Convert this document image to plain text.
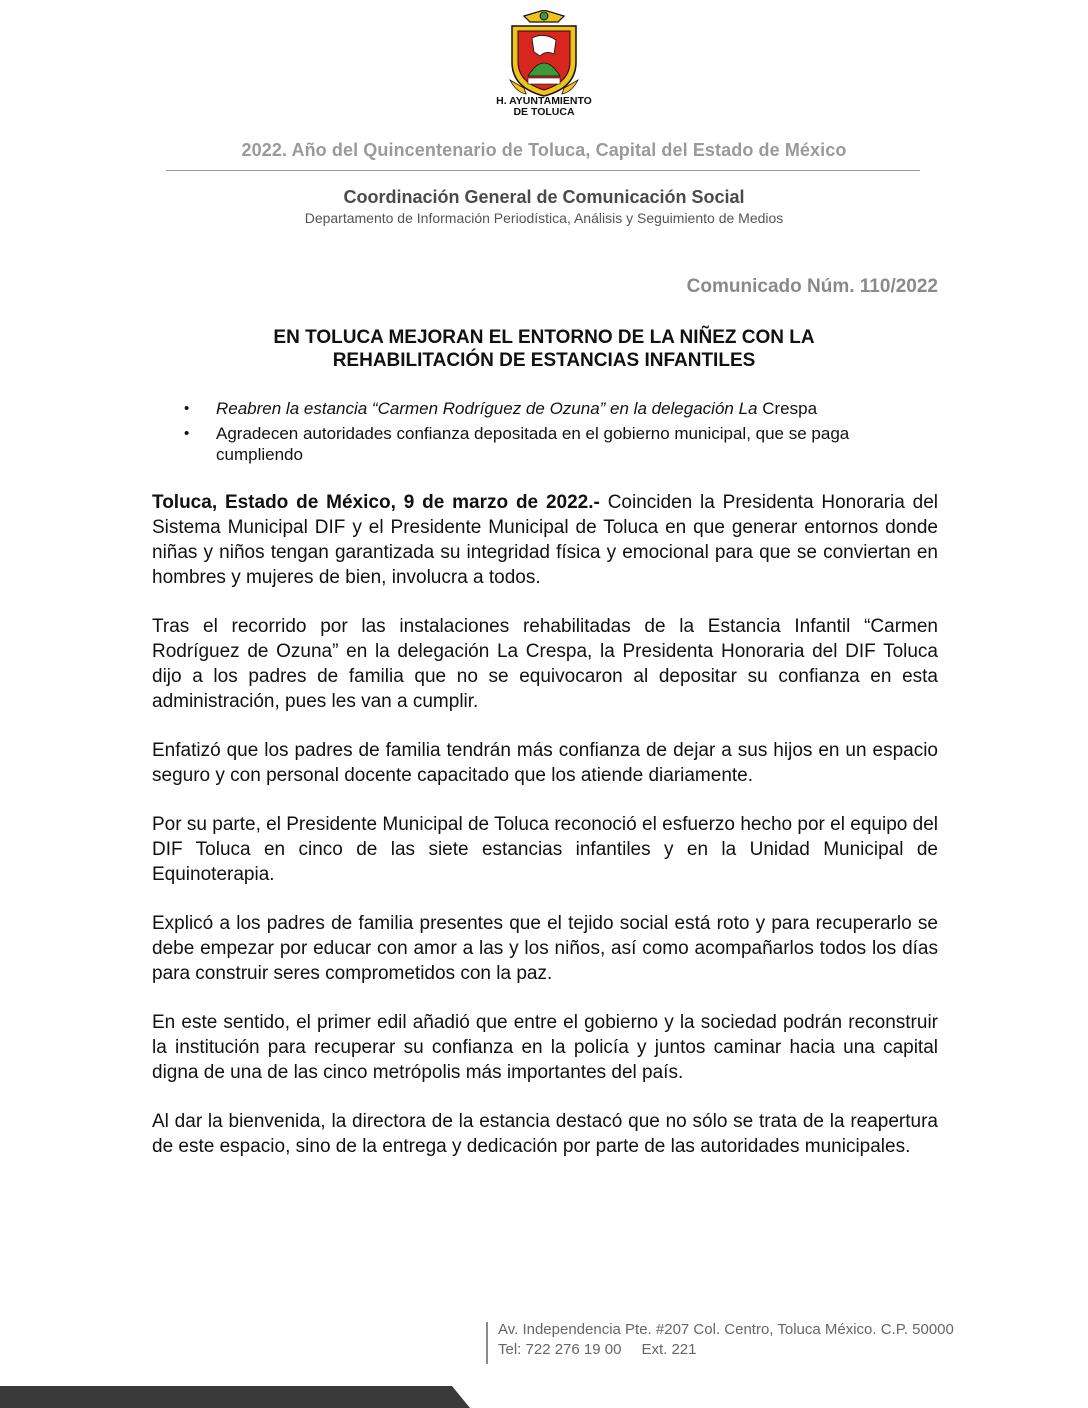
H. AYUNTAMIENTO
DE TOLUCA
2022. Año del Quincentenario de Toluca, Capital del Estado de México
Coordinación General de Comunicación Social
Departamento de Información Periodística, Análisis y Seguimiento de Medios
Comunicado Núm. 110/2022
EN TOLUCA MEJORAN EL ENTORNO DE LA NIÑEZ CON LA
REHABILITACIÓN DE ESTANCIAS INFANTILES
• Reabren la estancia “Carmen Rodríguez de Ozuna” en la delegación La Crespa
• Agradecen autoridades confianza depositada en el gobierno municipal, que se paga cumpliendo

Toluca, Estado de México, 9 de marzo de 2022.- Coinciden la Presidenta Honoraria del Sistema Municipal DIF y el Presidente Municipal de Toluca en que generar entornos donde niñas y niños tengan garantizada su integridad física y emocional para que se conviertan en hombres y mujeres de bien, involucra a todos.

Tras el recorrido por las instalaciones rehabilitadas de la Estancia Infantil “Carmen Rodríguez de Ozuna” en la delegación La Crespa, la Presidenta Honoraria del DIF Toluca dijo a los padres de familia que no se equivocaron al depositar su confianza en esta administración, pues les van a cumplir.

Enfatizó que los padres de familia tendrán más confianza de dejar a sus hijos en un espacio seguro y con personal docente capacitado que los atiende diariamente.

Por su parte, el Presidente Municipal de Toluca reconoció el esfuerzo hecho por el equipo del DIF Toluca en cinco de las siete estancias infantiles y en la Unidad Municipal de Equinoterapia.

Explicó a los padres de familia presentes que el tejido social está roto y para recuperarlo se debe empezar por educar con amor a las y los niños, así como acompañarlos todos los días para construir seres comprometidos con la paz.

En este sentido, el primer edil añadió que entre el gobierno y la sociedad podrán reconstruir la institución para recuperar su confianza en la policía y juntos caminar hacia una capital digna de una de las cinco metrópolis más importantes del país.

Al dar la bienvenida, la directora de la estancia destacó que no sólo se trata de la reapertura de este espacio, sino de la entrega y dedicación por parte de las autoridades municipales.

Av. Independencia Pte. #207 Col. Centro, Toluca México. C.P. 50000
Tel: 722 276 19 00 Ext. 221
